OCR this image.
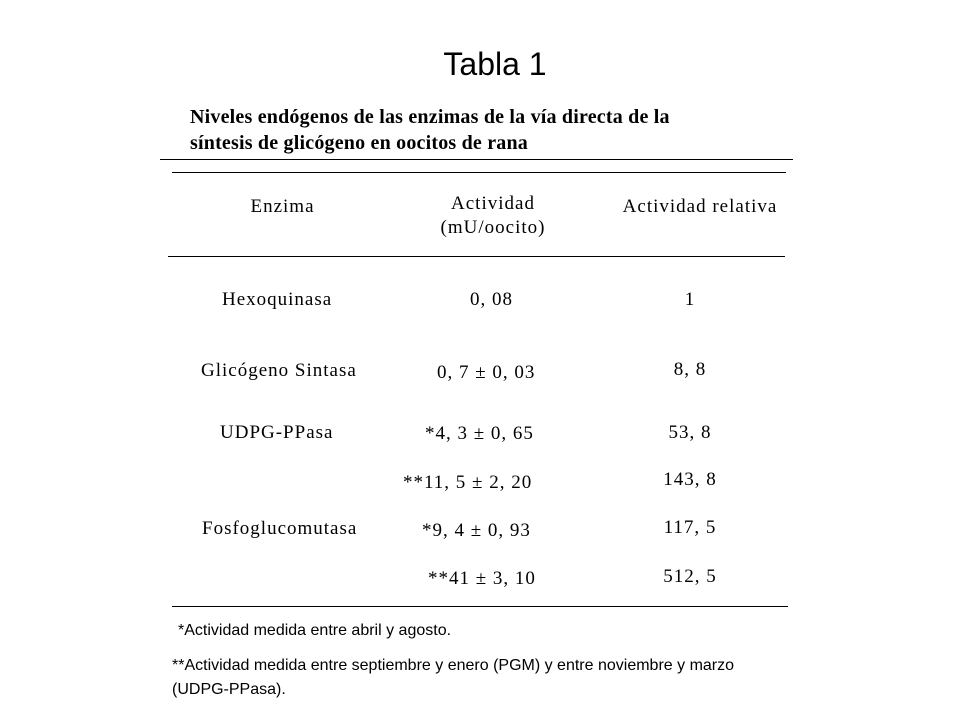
Tabla 1
Niveles endógenos de las enzimas de la vía directa de la
síntesis de glicógeno en oocitos de rana
Enzima	Actividad
(mU/oocito)
Actividad relativa
Hexoquinasa
Glicógeno Sintasa
UDPG-PPasa
Fosfoglucomutasa
0, 08
0, 7 ± 0, 03
*4, 3 ± 0, 65
**11, 5 ± 2, 20
*9, 4 ± 0, 93
**41 ± 3, 10
1
8, 8
53, 8
143, 8
117, 5
512, 5
*Actividad medida entre abril y agosto.
**Actividad medida entre septiembre y enero (PGM) y entre noviembre y marzo (UDPG-PPasa).
